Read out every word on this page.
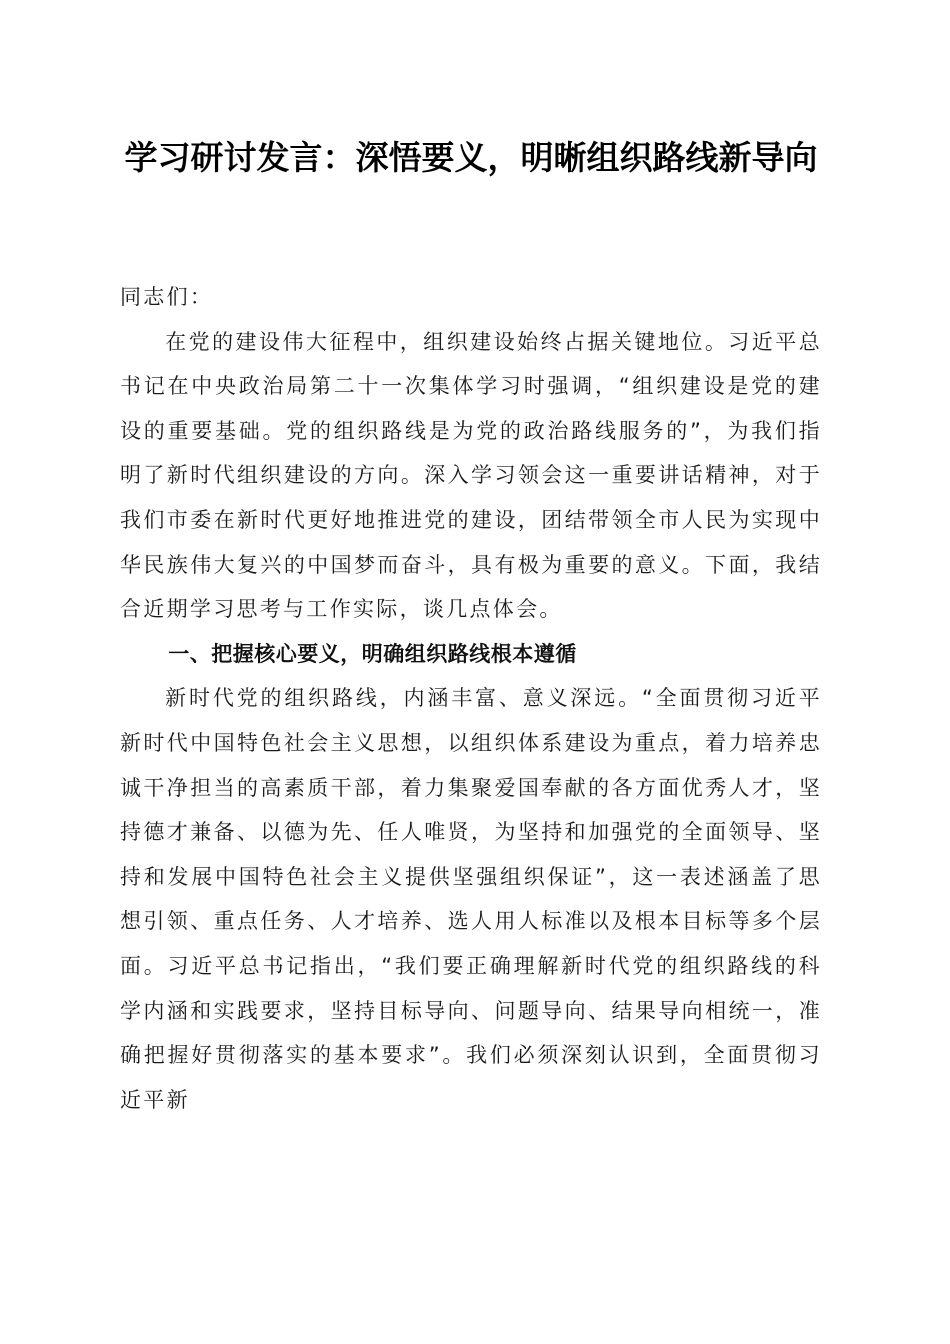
学习研讨发言：深悟要义，明晰组织路线新导向

同志们：

在党的建设伟大征程中，组织建设始终占据关键地位。习近平总书记在中央政治局第二十一次集体学习时强调，“组织建设是党的建设的重要基础。党的组织路线是为党的政治路线服务的”，为我们指明了新时代组织建设的方向。深入学习领会这一重要讲话精神，对于我们市委在新时代更好地推进党的建设，团结带领全市人民为实现中华民族伟大复兴的中国梦而奋斗，具有极为重要的意义。下面，我结合近期学习思考与工作实际，谈几点体会。

一、把握核心要义，明确组织路线根本遵循

新时代党的组织路线，内涵丰富、意义深远。“全面贯彻习近平新时代中国特色社会主义思想，以组织体系建设为重点，着力培养忠诚干净担当的高素质干部，着力集聚爱国奉献的各方面优秀人才，坚持德才兼备、以德为先、任人唯贤，为坚持和加强党的全面领导、坚持和发展中国特色社会主义提供坚强组织保证”，这一表述涵盖了思想引领、重点任务、人才培养、选人用人标准以及根本目标等多个层面。习近平总书记指出，“我们要正确理解新时代党的组织路线的科学内涵和实践要求，坚持目标导向、问题导向、结果导向相统一，准确把握好贯彻落实的基本要求”。我们必须深刻认识到，全面贯彻习近平新
